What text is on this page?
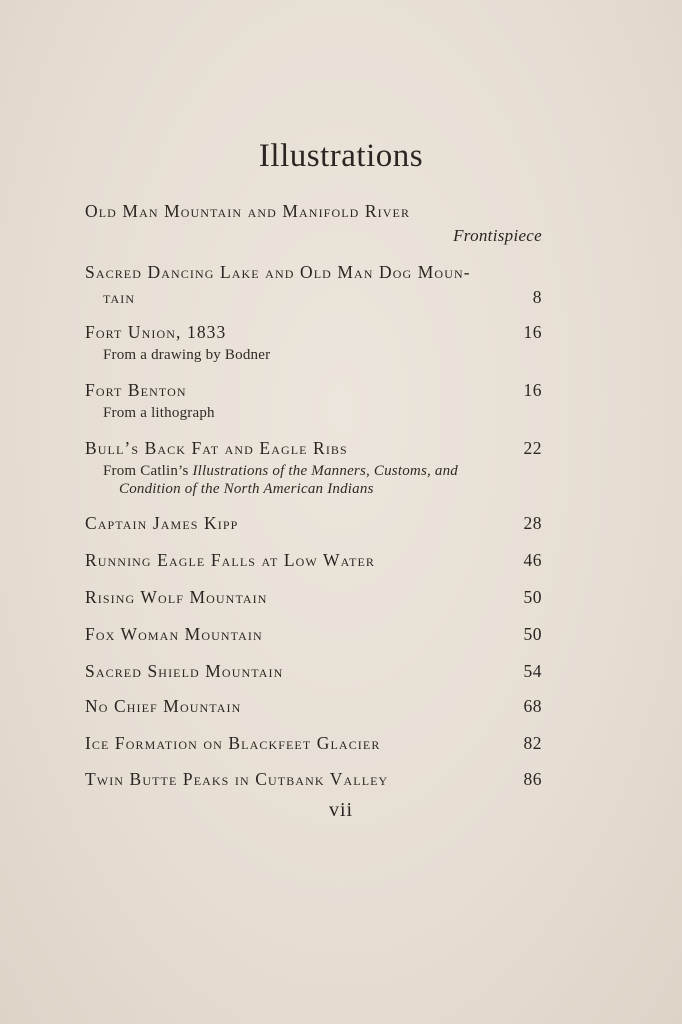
Illustrations
Old Man Mountain and Manifold River
Frontispiece
Sacred Dancing Lake and Old Man Dog Moun-
tain	8
Fort Union, 1833	16
From a drawing by Bodner
Fort Benton	16
From a lithograph
Bull’s Back Fat and Eagle Ribs	22
From Catlin’s Illustrations of the Manners, Customs, and
Condition of the North American Indians
Captain James Kipp	28
Running Eagle Falls at Low Water	46
Rising Wolf Mountain	50
Fox Woman Mountain	50
Sacred Shield Mountain	54
No Chief Mountain	68
Ice Formation on Blackfeet Glacier	82
Twin Butte Peaks in Cutbank Valley	86
vii
